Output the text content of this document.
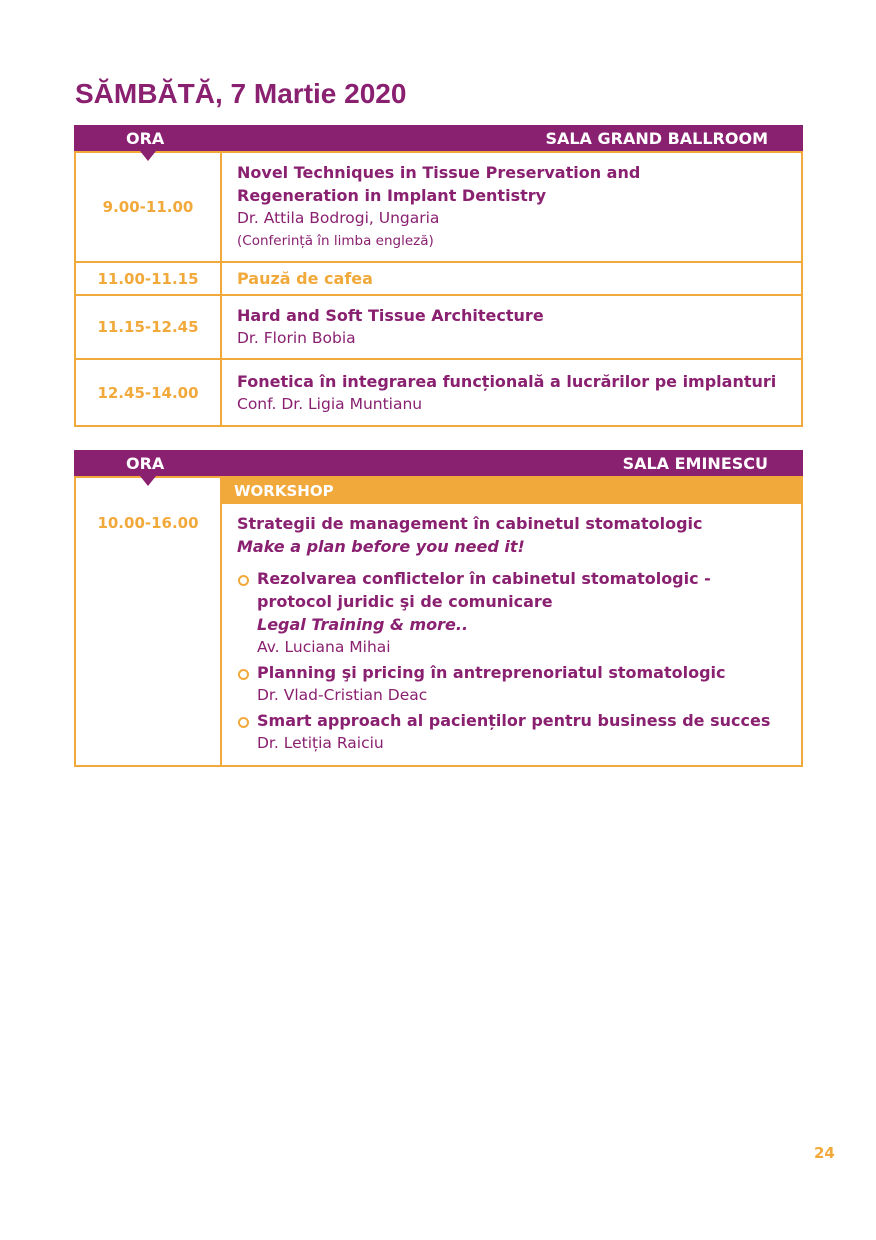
SĂMBĂTĂ, 7 Martie 2020
ORA	SALA GRAND BALLROOM
9.00-11.00	Novel Techniques in Tissue Preservation and
Regeneration in Implant Dentistry
Dr. Attila Bodrogi, Ungaria
(Conferință în limba engleză)

11.00-11.15	Pauză de cafea

11.15-12.45	Hard and Soft Tissue Architecture
Dr. Florin Bobia

12.45-14.00	Fonetica în integrarea funcțională a lucrărilor pe implanturi
Conf. Dr. Ligia Muntianu
ORA	SALA EMINESCU
10.00-16.00	
WORKSHOP
Strategii de management în cabinetul stomatologic
Make a plan before you need it!
Rezolvarea conflictelor în cabinetul stomatologic -
protocol juridic şi de comunicare
Legal Training & more..
Av. Luciana Mihai
Planning şi pricing în antreprenoriatul stomatologic
Dr. Vlad-Cristian Deac
Smart approach al pacienților pentru business de succes
Dr. Letiția Raiciu
24
